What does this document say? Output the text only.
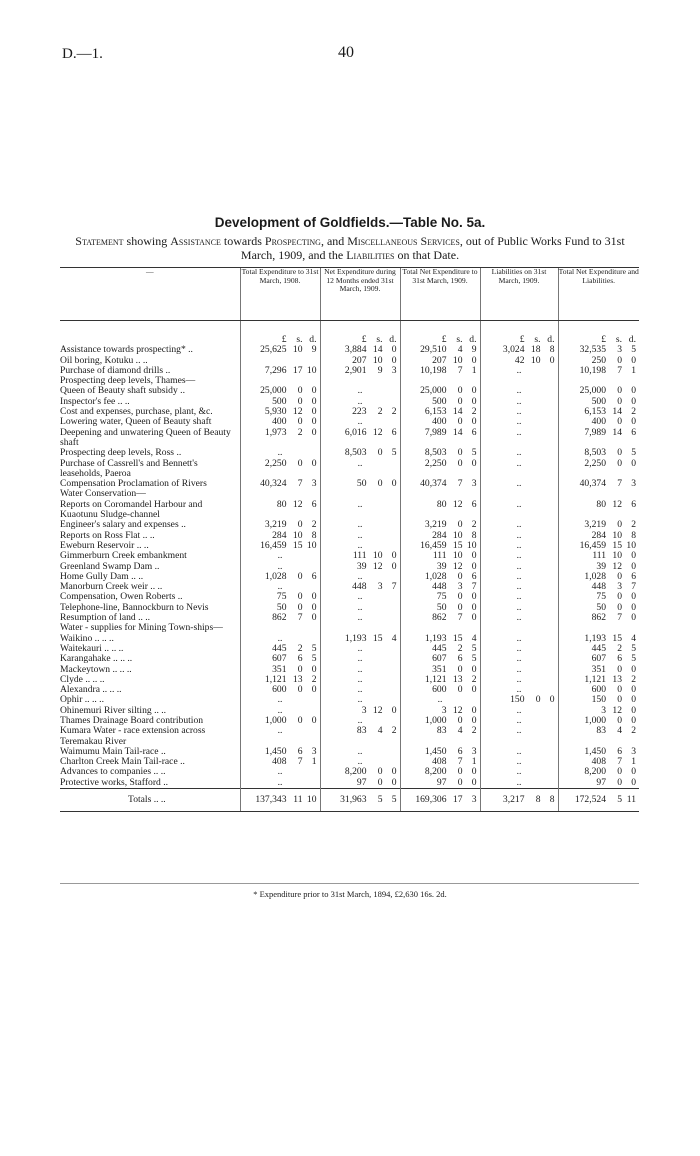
D.—1.	40
Development of Goldfields.—Table No. 5a.
Statement showing Assistance towards Prospecting, and Miscellaneous Services, out of Public Works Fund to 31st March, 1909, and the Liabilities on that Date.
—	Total Expenditure to 31st March, 1908.	Net Expenditure during 12 Months ended 31st March, 1909.	Total Net Expenditure to 31st March, 1909.	Liabilities on 31st March, 1909.	Total Net Expenditure and Liabilities.

	£ s. d.	£ s. d.	£ s. d.	£ s. d.	£ s. d.

Assistance towards prospecting* ..	25,625 10 9	3,884 14 0	29,510 4 9	3,024 18 8	32,535 3 5

Oil boring, Kotuku .. ..		207 10 0	207 10 0	42 10 0	250 0 0

Purchase of diamond drills ..	7,296 17 10	2,901 9 3	10,198 7 1	..	10,198 7 1

Prospecting deep levels, Thames—					
Queen of Beauty shaft subsidy ..	25,000 0 0	..	25,000 0 0	..	25,000 0 0

Inspector's fee .. ..	500 0 0	..	500 0 0	..	500 0 0

Cost and expenses, purchase, plant, &c.	5,930 12 0	223 2 2	6,153 14 2	..	6,153 14 2

Lowering water, Queen of Beauty shaft	400 0 0	..	400 0 0	..	400 0 0

Deepening and unwatering Queen of Beauty shaft	1,973 2 0	6,016 12 6	7,989 14 6	..	7,989 14 6

Prospecting deep levels, Ross ..	..	8,503 0 5	8,503 0 5	..	8,503 0 5

Purchase of Cassrell's and Bennett's leaseholds, Paeroa	2,250 0 0	..	2,250 0 0	..	2,250 0 0

Compensation Proclamation of Rivers	40,324 7 3	50 0 0	40,374 7 3	..	40,374 7 3

Water Conservation—					
Reports on Coromandel Harbour and Kuaotunu Sludge-channel	80 12 6	..	80 12 6	..	80 12 6

Engineer's salary and expenses ..	3,219 0 2	..	3,219 0 2	..	3,219 0 2

Reports on Ross Flat .. ..	284 10 8	..	284 10 8	..	284 10 8

Eweburn Reservoir .. ..	16,459 15 10	..	16,459 15 10	..	16,459 15 10

Gimmerburn Creek embankment	..	111 10 0	111 10 0	..	111 10 0

Greenland Swamp Dam ..	..	39 12 0	39 12 0	..	39 12 0

Home Gully Dam .. ..	1,028 0 6	..	1,028 0 6	..	1,028 0 6

Manorburn Creek weir .. ..	..	448 3 7	448 3 7	..	448 3 7

Compensation, Owen Roberts ..	75 0 0	..	75 0 0	..	75 0 0

Telephone-line, Bannockburn to Nevis	50 0 0	..	50 0 0	..	50 0 0

Resumption of land .. ..	862 7 0	..	862 7 0	..	862 7 0

Water - supplies for Mining Town-ships—					
Waikino .. .. ..	..	1,193 15 4	1,193 15 4	..	1,193 15 4

Waitekauri .. .. ..	445 2 5	..	445 2 5	..	445 2 5

Karangahake .. .. ..	607 6 5	..	607 6 5	..	607 6 5

Mackeytown .. .. ..	351 0 0	..	351 0 0	..	351 0 0

Clyde .. .. ..	1,121 13 2	..	1,121 13 2	..	1,121 13 2

Alexandra .. .. ..	600 0 0	..	600 0 0	..	600 0 0

Ophir .. .. ..	..	..	..	150 0 0	150 0 0

Ohinemuri River silting .. ..	..	3 12 0	3 12 0	..	3 12 0

Thames Drainage Board contribution	1,000 0 0	..	1,000 0 0	..	1,000 0 0

Kumara Water - race extension across Teremakau River	..	83 4 2	83 4 2	..	83 4 2

Waimumu Main Tail-race ..	1,450 6 3	..	1,450 6 3	..	1,450 6 3

Charlton Creek Main Tail-race ..	408 7 1	..	408 7 1	..	408 7 1

Advances to companies .. ..	..	8,200 0 0	8,200 0 0	..	8,200 0 0

Protective works, Stafford ..	..	97 0 0	97 0 0	..	97 0 0

Totals .. ..	137,343 11 10	31,963 5 5	169,306 17 3	3,217 8 8	172,524 5 11
* Expenditure prior to 31st March, 1894, £2,630 16s. 2d.
